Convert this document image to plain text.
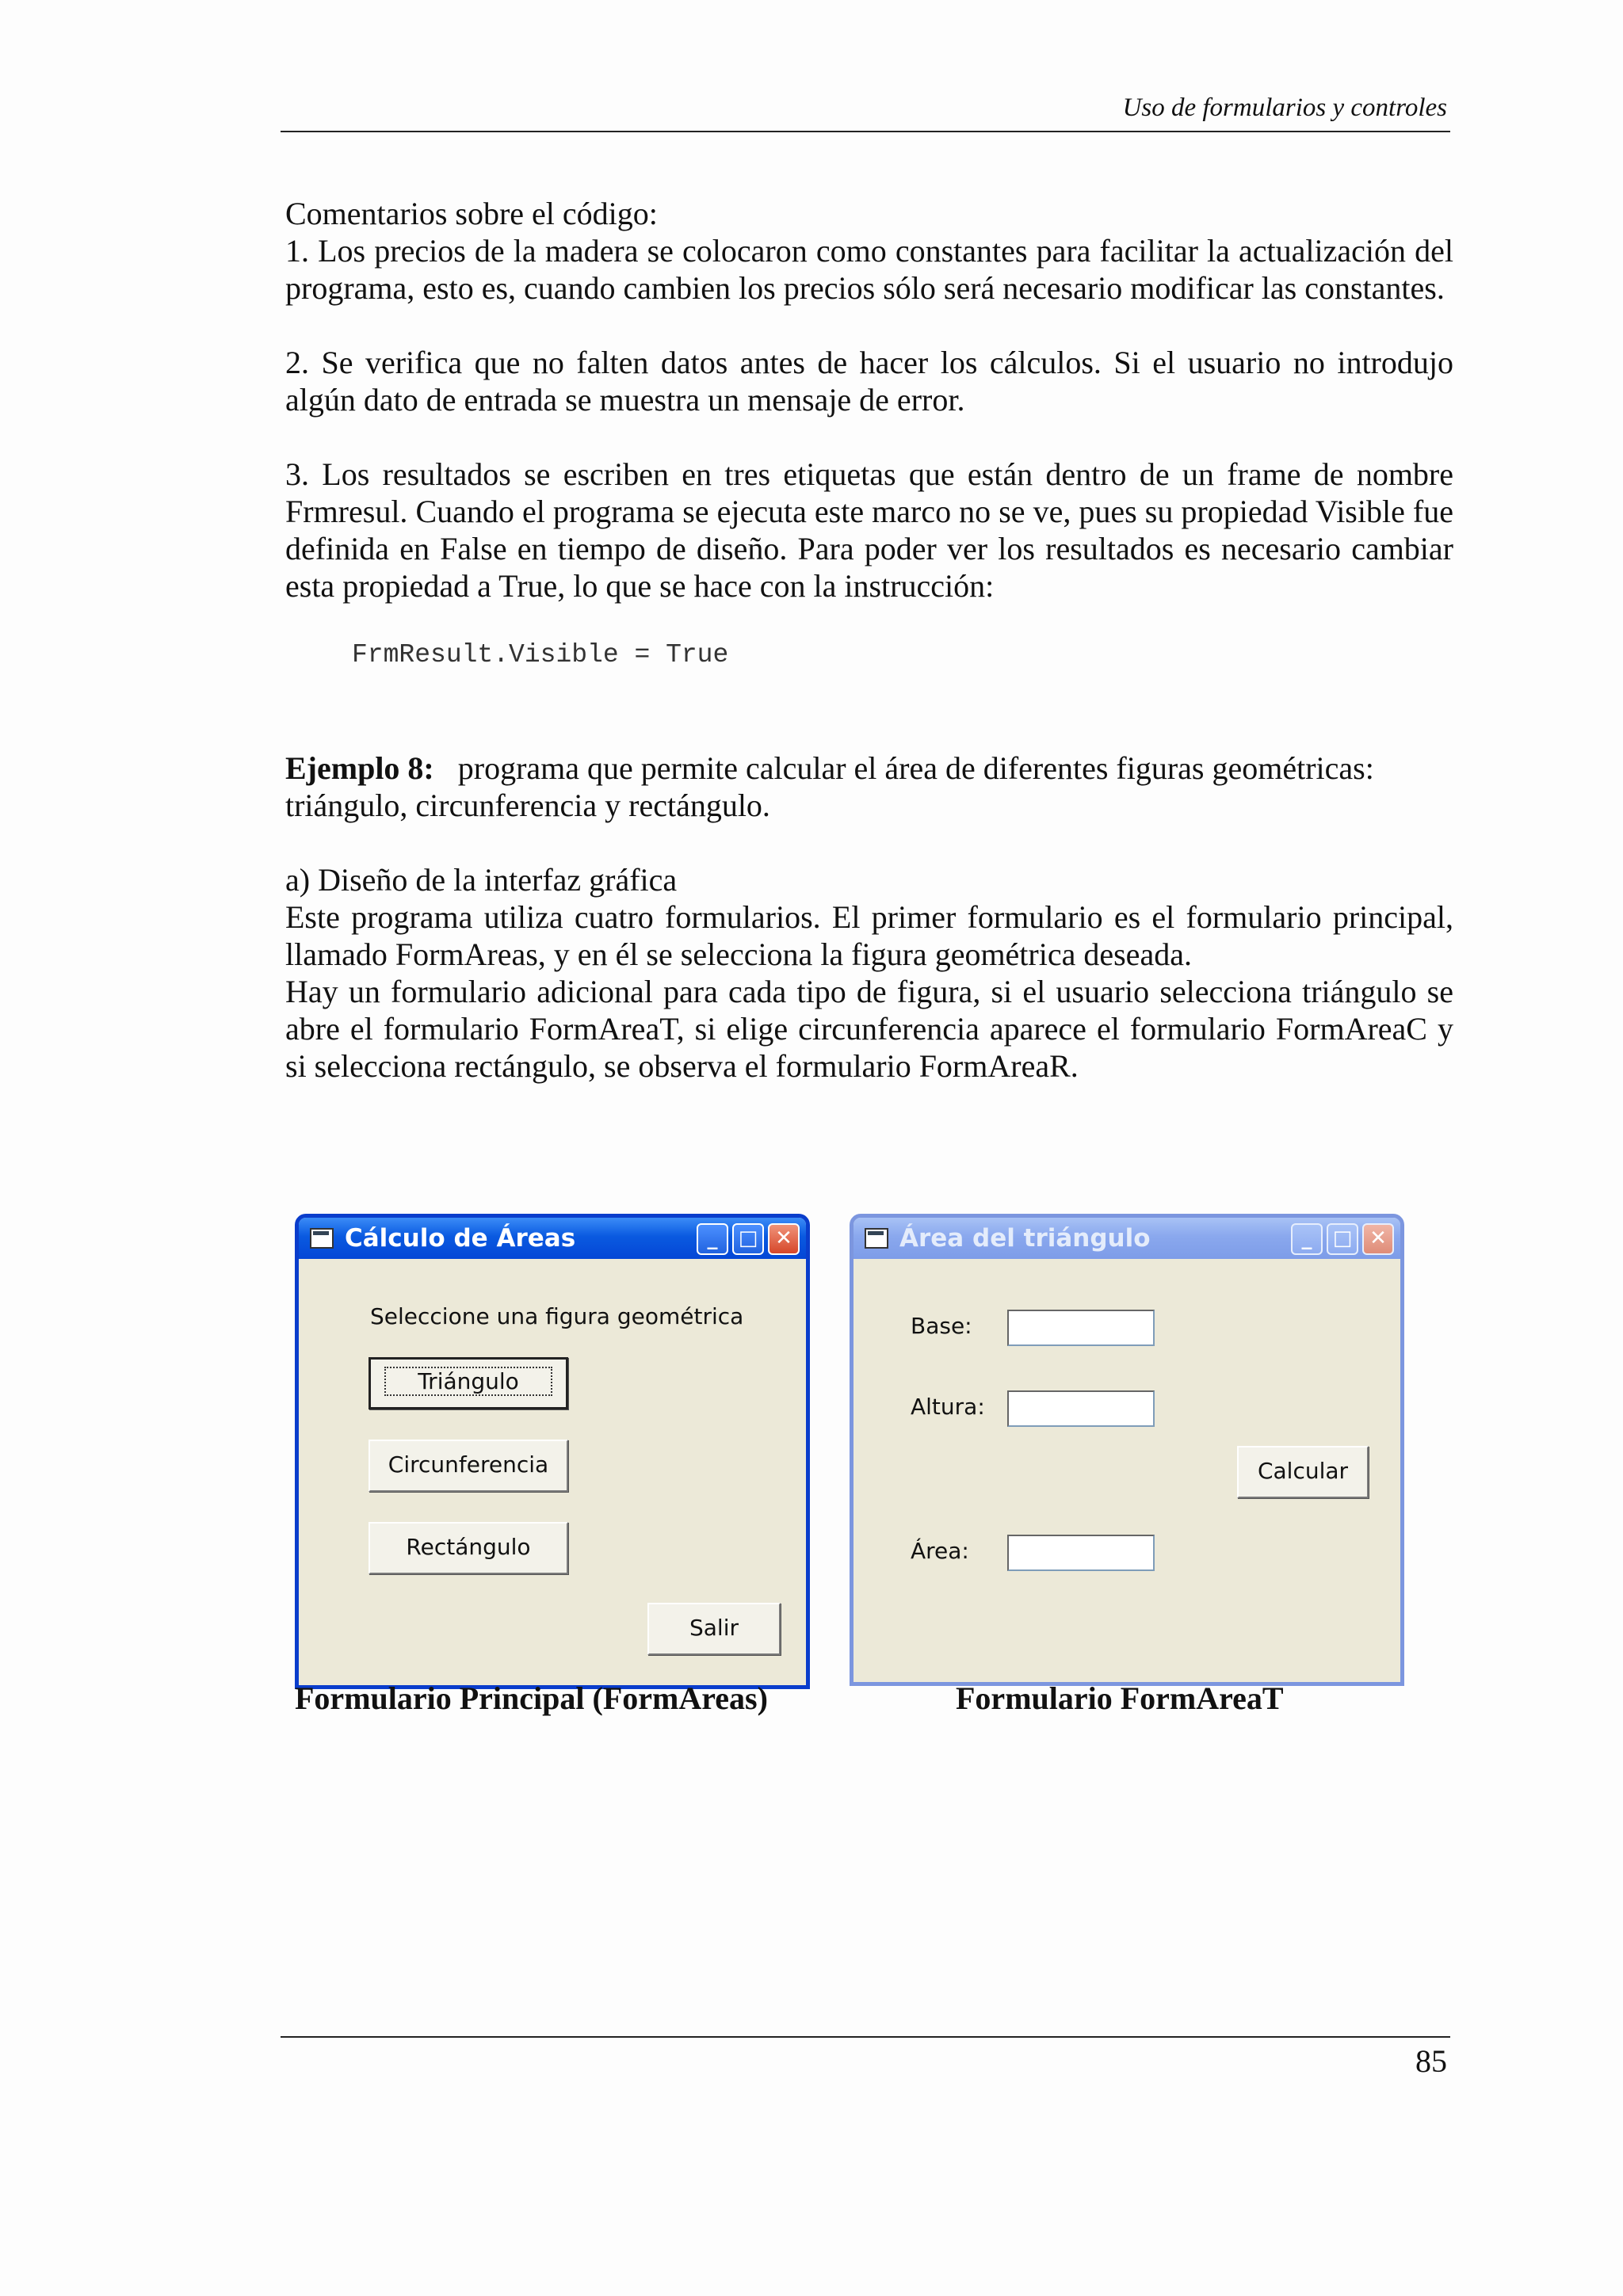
Uso de formularios y controles

Comentarios sobre el código:

1. Los precios de la madera se colocaron como constantes para facilitar la actualización del programa, esto es, cuando cambien los precios sólo será necesario modificar las constantes.

2. Se verifica que no falten datos antes de hacer los cálculos. Si el usuario no introdujo algún dato de entrada se muestra un mensaje de error.

3. Los resultados se escriben en tres etiquetas que están dentro de un frame de nombre Frmresul. Cuando el programa se ejecuta este marco no se ve, pues su propiedad Visible fue definida en False en tiempo de diseño. Para poder ver los resultados es necesario cambiar esta propiedad a True, lo que se hace con la instrucción:

FrmResult.Visible = True

Ejemplo 8: programa que permite calcular el área de diferentes figuras geométricas: triángulo, circunferencia y rectángulo.

a) Diseño de la interfaz gráfica

Este programa utiliza cuatro formularios. El primer formulario es el formulario principal, llamado FormAreas, y en él se selecciona la figura geométrica deseada.

Hay un formulario adicional para cada tipo de figura, si el usuario selecciona triángulo se abre el formulario FormAreaT, si elige circunferencia aparece el formulario FormAreaC y si selecciona rectángulo, se observa el formulario FormAreaR.

Cálculo de Áreas	_	□ ✕
Seleccione una figura geométrica
Triángulo
Circunferencia
Rectángulo
Salir
Área del triángulo	_	□ ✕
Base:
Altura:
Calcular
Área:
Formulario Principal (FormAreas)	Formulario FormAreaT
85
